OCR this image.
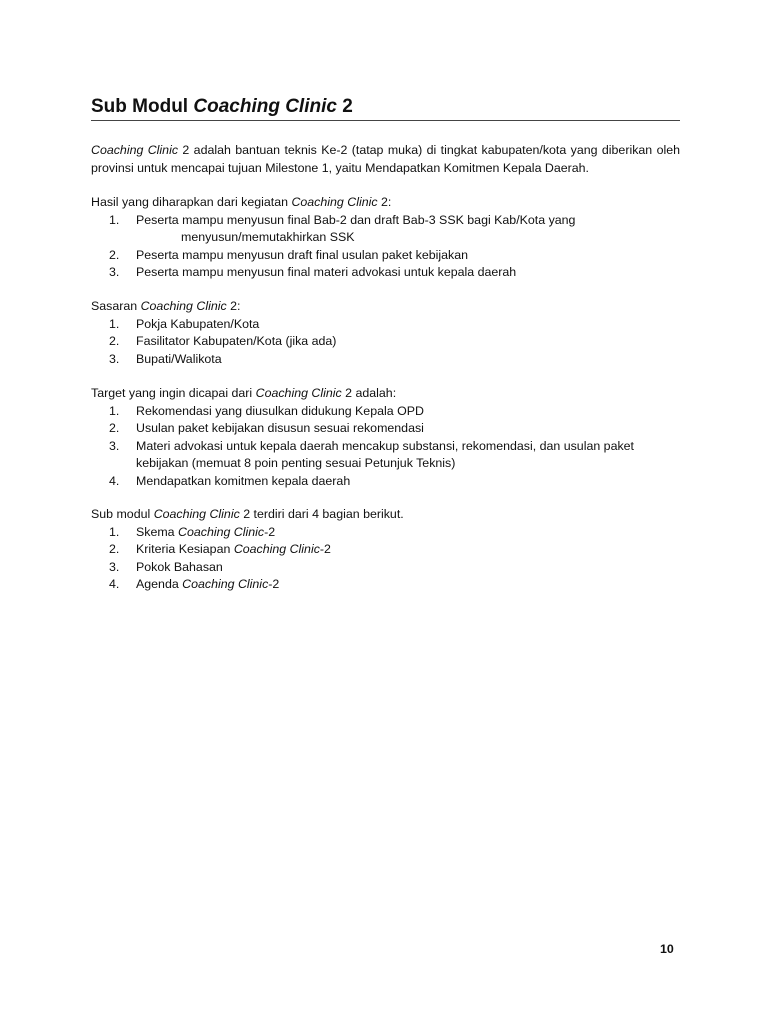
Sub Modul Coaching Clinic 2
Coaching Clinic 2 adalah bantuan teknis Ke-2 (tatap muka) di tingkat kabupaten/kota yang diberikan oleh provinsi untuk mencapai tujuan Milestone 1, yaitu Mendapatkan Komitmen Kepala Daerah.
Hasil yang diharapkan dari kegiatan Coaching Clinic 2:
1. Peserta mampu menyusun final Bab-2 dan draft Bab-3 SSK bagi Kab/Kota yang
menyusun/memutakhirkan SSK
2. Peserta mampu menyusun draft final usulan paket kebijakan
3. Peserta mampu menyusun final materi advokasi untuk kepala daerah
Sasaran Coaching Clinic 2:
1. Pokja Kabupaten/Kota
2. Fasilitator Kabupaten/Kota (jika ada)
3. Bupati/Walikota
Target yang ingin dicapai dari Coaching Clinic 2 adalah:
1. Rekomendasi yang diusulkan didukung Kepala OPD
2. Usulan paket kebijakan disusun sesuai rekomendasi
3. Materi advokasi untuk kepala daerah mencakup substansi, rekomendasi, dan usulan paket
kebijakan (memuat 8 poin penting sesuai Petunjuk Teknis)
4. Mendapatkan komitmen kepala daerah
Sub modul Coaching Clinic 2 terdiri dari 4 bagian berikut.
1. Skema Coaching Clinic-2
2. Kriteria Kesiapan Coaching Clinic-2
3. Pokok Bahasan
4. Agenda Coaching Clinic-2
10
